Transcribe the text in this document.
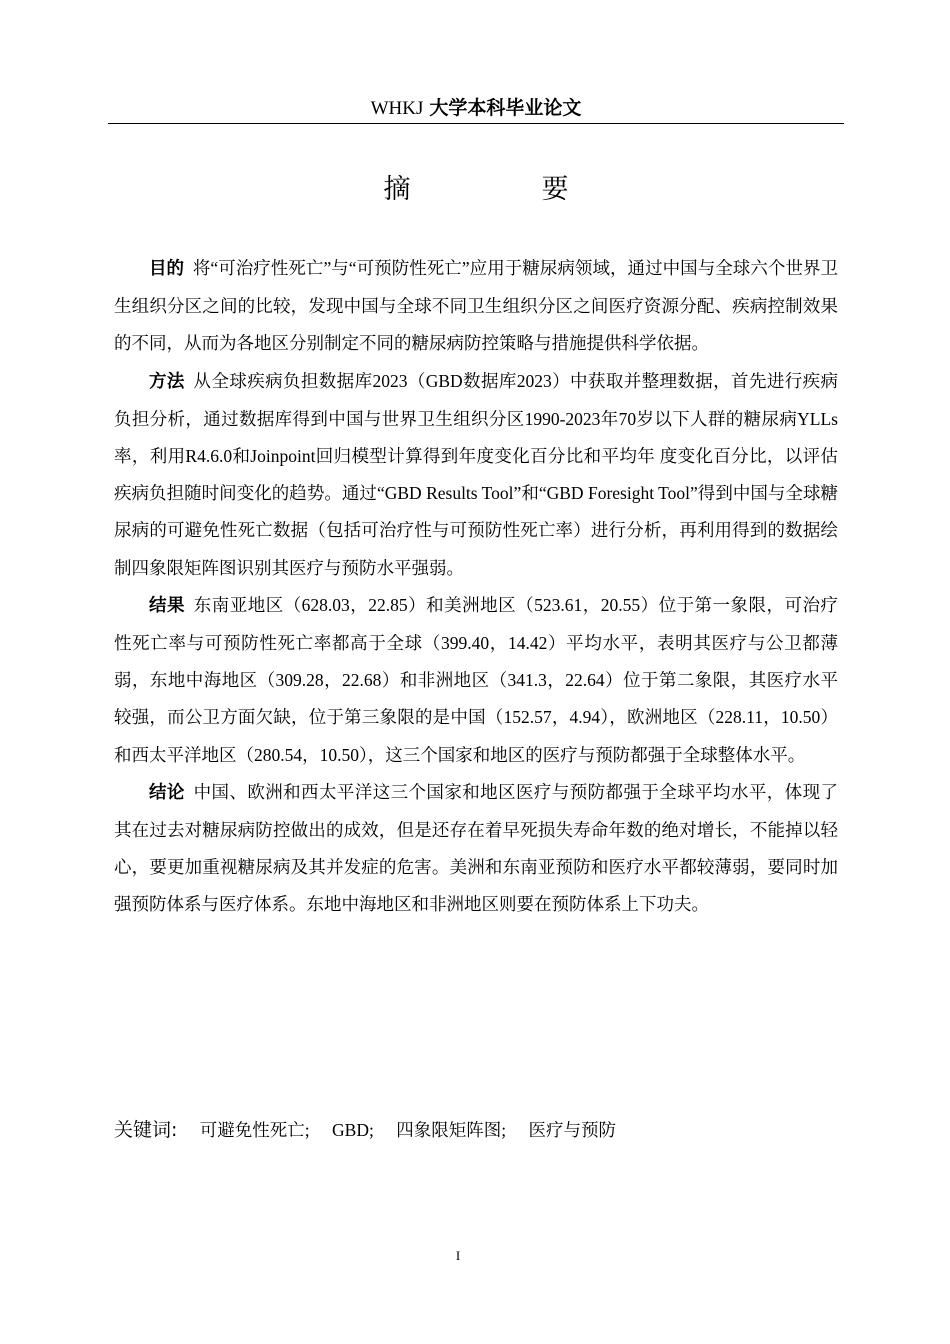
WHKJ 大学本科毕业论文
摘　要

目的 将“可治疗性死亡”与“可预防性死亡”应用于糖尿病领域，通过中国与全球六个世界卫生组织分区之间的比较，发现中国与全球不同卫生组织分区之间医疗资源分配、疾病控制效果的不同，从而为各地区分别制定不同的糖尿病防控策略与措施提供科学依据。

方法 从全球疾病负担数据库2023（GBD数据库2023）中获取并整理数据，首先进行疾病负担分析，通过数据库得到中国与世界卫生组织分区1990-2023年70岁以下人群的糖尿病YLLs率，利用R4.6.0和Joinpoint回归模型计算得到年度变化百分比和平均年 度变化百分比，以评估疾病负担随时间变化的趋势。通过“GBD Results Tool”和“GBD Foresight Tool”得到中国与全球糖尿病的可避免性死亡数据（包括可治疗性与可预防性死亡率）进行分析，再利用得到的数据绘制四象限矩阵图识别其医疗与预防水平强弱。

结果 东南亚地区（628.03，22.85）和美洲地区（523.61，20.55）位于第一象限，可治疗性死亡率与可预防性死亡率都高于全球（399.40，14.42）平均水平，表明其医疗与公卫都薄弱，东地中海地区（309.28，22.68）和非洲地区（341.3，22.64）位于第二象限，其医疗水平较强，而公卫方面欠缺，位于第三象限的是中国（152.57，4.94），欧洲地区（228.11，10.50）和西太平洋地区（280.54，10.50），这三个国家和地区的医疗与预防都强于全球整体水平。

结论 中国、欧洲和西太平洋这三个国家和地区医疗与预防都强于全球平均水平，体现了其在过去对糖尿病防控做出的成效，但是还存在着早死损失寿命年数的绝对增长，不能掉以轻心，要更加重视糖尿病及其并发症的危害。美洲和东南亚预防和医疗水平都较薄弱，要同时加强预防体系与医疗体系。东地中海地区和非洲地区则要在预防体系上下功夫。

关键词: 可避免性死亡; GBD; 四象限矩阵图; 医疗与预防
I
